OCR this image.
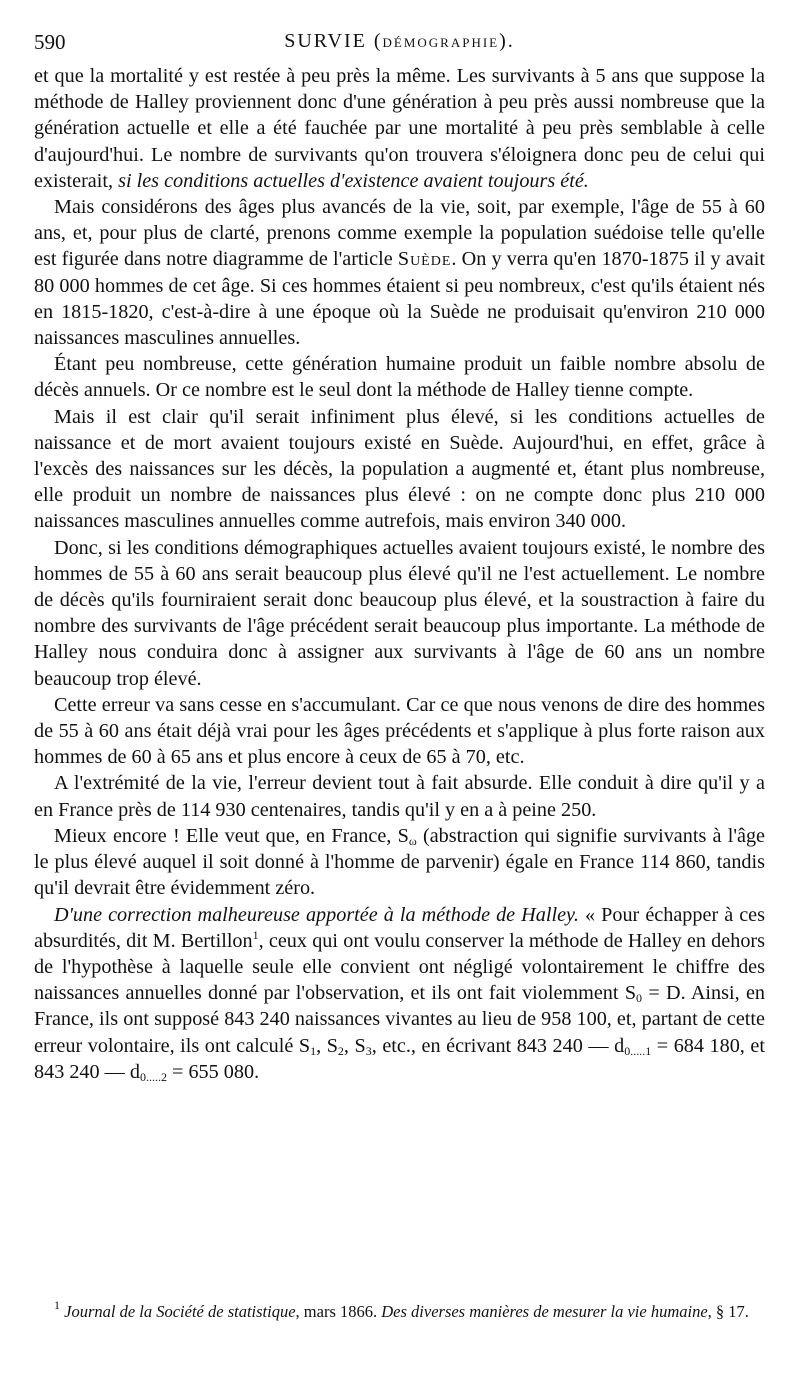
590	SURVIE (DÉMOGRAPHIE).

et que la mortalité y est restée à peu près la même. Les survivants à 5 ans que suppose la méthode de Halley proviennent donc d'une génération à peu près aussi nombreuse que la génération actuelle et elle a été fauchée par une mortalité à peu près semblable à celle d'aujourd'hui. Le nombre de survivants qu'on trouvera s'éloignera donc peu de celui qui existerait, si les conditions actuelles d'existence avaient toujours été.

Mais considérons des âges plus avancés de la vie, soit, par exemple, l'âge de 55 à 60 ans, et, pour plus de clarté, prenons comme exemple la population suédoise telle qu'elle est figurée dans notre diagramme de l'article Suède. On y verra qu'en 1870-1875 il y avait 80 000 hommes de cet âge. Si ces hommes étaient si peu nombreux, c'est qu'ils étaient nés en 1815-1820, c'est-à-dire à une époque où la Suède ne produisait qu'environ 210 000 naissances masculines annuelles.

Étant peu nombreuse, cette génération humaine produit un faible nombre absolu de décès annuels. Or ce nombre est le seul dont la méthode de Halley tienne compte.

Mais il est clair qu'il serait infiniment plus élevé, si les conditions actuelles de naissance et de mort avaient toujours existé en Suède. Aujourd'hui, en effet, grâce à l'excès des naissances sur les décès, la population a augmenté et, étant plus nombreuse, elle produit un nombre de naissances plus élevé : on ne compte donc plus 210 000 naissances masculines annuelles comme autrefois, mais environ 340 000.

Donc, si les conditions démographiques actuelles avaient toujours existé, le nombre des hommes de 55 à 60 ans serait beaucoup plus élevé qu'il ne l'est actuellement. Le nombre de décès qu'ils fourniraient serait donc beaucoup plus élevé, et la soustraction à faire du nombre des survivants de l'âge précédent serait beaucoup plus importante. La méthode de Halley nous conduira donc à assigner aux survivants à l'âge de 60 ans un nombre beaucoup trop élevé.

Cette erreur va sans cesse en s'accumulant. Car ce que nous venons de dire des hommes de 55 à 60 ans était déjà vrai pour les âges précédents et s'applique à plus forte raison aux hommes de 60 à 65 ans et plus encore à ceux de 65 à 70, etc.

A l'extrémité de la vie, l'erreur devient tout à fait absurde. Elle conduit à dire qu'il y a en France près de 114 930 centenaires, tandis qu'il y en a à peine 250.

Mieux encore ! Elle veut que, en France, $S_\omega$ (abstraction qui signifie survivants à l'âge le plus élevé auquel il soit donné à l'homme de parvenir) égale en France 114 860, tandis qu'il devrait être évidemment zéro.

D'une correction malheureuse apportée à la méthode de Halley. « Pour échapper à ces absurdités, dit M. Bertillon$^1$, ceux qui ont voulu conserver la méthode de Halley en dehors de l'hypothèse à laquelle seule elle convient ont négligé volontairement le chiffre des naissances annuelles donné par l'observation, et ils ont fait violemment $S_0 = D$. Ainsi, en France, ils ont supposé 843 240 naissances vivantes au lieu de 958 100, et, partant de cette erreur volontaire, ils ont calculé $S_1$, $S_2$, $S_3$, etc., en écrivant 843 240 — $d_{0.....1} = 684$ 180, et 843 240 — $d_{0.....2} = 655$ 080.

$^1$ Journal de la Société de statistique, mars 1866. Des diverses manières de mesurer la vie humaine, § 17.
